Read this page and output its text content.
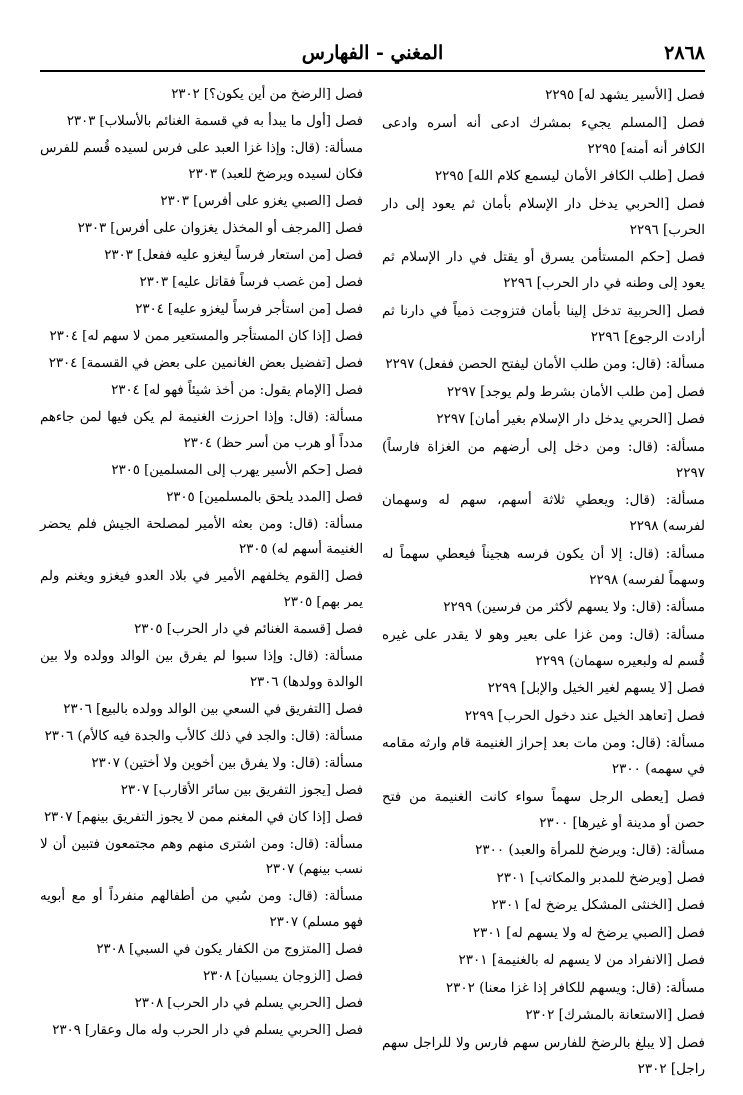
٢٨٦٨
المغني - الفهارس

فصل [الأسير يشهد له] ٢٢٩٥

فصل [المسلم يجيء بمشرك ادعى أنه أسره وادعى الكافر أنه أمنه] ٢٢٩٥

فصل [طلب الكافر الأمان ليسمع كلام الله] ٢٢٩٥

فصل [الحربي يدخل دار الإسلام بأمان ثم يعود إلى دار الحرب] ٢٢٩٦

فصل [حكم المستأمن يسرق أو يقتل في دار الإسلام ثم يعود إلى وطنه في دار الحرب] ٢٢٩٦

فصل [الحربية تدخل إلينا بأمان فتزوجت ذمياً في دارنا ثم أرادت الرجوع] ٢٢٩٦

مسألة: (قال: ومن طلب الأمان ليفتح الحصن ففعل) ٢٢٩٧

فصل [من طلب الأمان بشرط ولم يوجد] ٢٢٩٧

فصل [الحربي يدخل دار الإسلام بغير أمان] ٢٢٩٧

مسألة: (قال: ومن دخل إلى أرضهم من الغزاة فارساً) ٢٢٩٧

مسألة: (قال: ويعطي ثلاثة أسهم، سهم له وسهمان لفرسه) ٢٢٩٨

مسألة: (قال: إلا أن يكون فرسه هجيناً فيعطي سهماً له وسهماً لفرسه) ٢٢٩٨

مسألة: (قال: ولا يسهم لأكثر من فرسين) ٢٢٩٩

مسألة: (قال: ومن غزا على بعير وهو لا يقدر على غيره قُسم له ولبعيره سهمان) ٢٢٩٩

فصل [لا يسهم لغير الخيل والإبل] ٢٢٩٩

فصل [تعاهد الخيل عند دخول الحرب] ٢٢٩٩

مسألة: (قال: ومن مات بعد إحراز الغنيمة قام وارثه مقامه في سهمه) ٢٣٠٠

فصل [يعطى الرجل سهماً سواء كانت الغنيمة من فتح حصن أو مدينة أو غيرها] ٢٣٠٠

مسألة: (قال: ويرضخ للمرأة والعبد) ٢٣٠٠

فصل [ويرضخ للمدبر والمكاتب] ٢٣٠١

فصل [الخنثى المشكل يرضخ له] ٢٣٠١

فصل [الصبي يرضخ له ولا يسهم له] ٢٣٠١

فصل [الانفراد من لا يسهم له بالغنيمة] ٢٣٠١

مسألة: (قال: ويسهم للكافر إذا غزا معنا) ٢٣٠٢

فصل [الاستعانة بالمشرك] ٢٣٠٢

فصل [لا يبلغ بالرضخ للفارس سهم فارس ولا للراجل سهم راجل] ٢٣٠٢

فصل [الرضخ من أين يكون؟] ٢٣٠٢

فصل [أول ما يبدأ به في قسمة الغنائم بالأسلاب] ٢٣٠٣

مسألة: (قال: وإذا غزا العبد على فرس لسيده قُسم للفرس فكان لسيده ويرضخ للعبد) ٢٣٠٣

فصل [الصبي يغزو على أفرس] ٢٣٠٣

فصل [المرجف أو المخذل يغزوان على أفرس] ٢٣٠٣

فصل [من استعار فرساً ليغزو عليه ففعل] ٢٣٠٣

فصل [من غصب فرساً فقاتل عليه] ٢٣٠٣

فصل [من استأجر فرساً ليغزو عليه] ٢٣٠٤

فصل [إذا كان المستأجر والمستعير ممن لا سهم له] ٢٣٠٤

فصل [تفضيل بعض الغانمين على بعض في القسمة] ٢٣٠٤

فصل [الإمام يقول: من أخذ شيئاً فهو له] ٢٣٠٤

مسألة: (قال: وإذا احرزت الغنيمة لم يكن فيها لمن جاءهم مدداً أو هرب من أسر حظ) ٢٣٠٤

فصل [حكم الأسير يهرب إلى المسلمين] ٢٣٠٥

فصل [المدد يلحق بالمسلمين] ٢٣٠٥

مسألة: (قال: ومن بعثه الأمير لمصلحة الجيش فلم يحضر الغنيمة أسهم له) ٢٣٠٥

فصل [القوم يخلفهم الأمير في بلاد العدو فيغزو ويغنم ولم يمر بهم] ٢٣٠٥

فصل [قسمة الغنائم في دار الحرب] ٢٣٠٥

مسألة: (قال: وإذا سبوا لم يفرق بين الوالد وولده ولا بين الوالدة وولدها) ٢٣٠٦

فصل [التفريق في السعي بين الوالد وولده بالبيع] ٢٣٠٦

مسألة: (قال: والجد في ذلك كالأب والجدة فيه كالأم) ٢٣٠٦

مسألة: (قال: ولا يفرق بين أخوين ولا أختين) ٢٣٠٧

فصل [يجوز التفريق بين سائر الأقارب] ٢٣٠٧

فصل [إذا كان في المغنم ممن لا يجوز التفريق بينهم] ٢٣٠٧

مسألة: (قال: ومن اشترى منهم وهم مجتمعون فتبين أن لا نسب بينهم) ٢٣٠٧

مسألة: (قال: ومن سُبي من أطفالهم منفرداً أو مع أبويه فهو مسلم) ٢٣٠٧

فصل [المتزوج من الكفار يكون في السبي] ٢٣٠٨

فصل [الزوجان يسبيان] ٢٣٠٨

فصل [الحربي يسلم في دار الحرب] ٢٣٠٨

فصل [الحربي يسلم في دار الحرب وله مال وعقار] ٢٣٠٩
